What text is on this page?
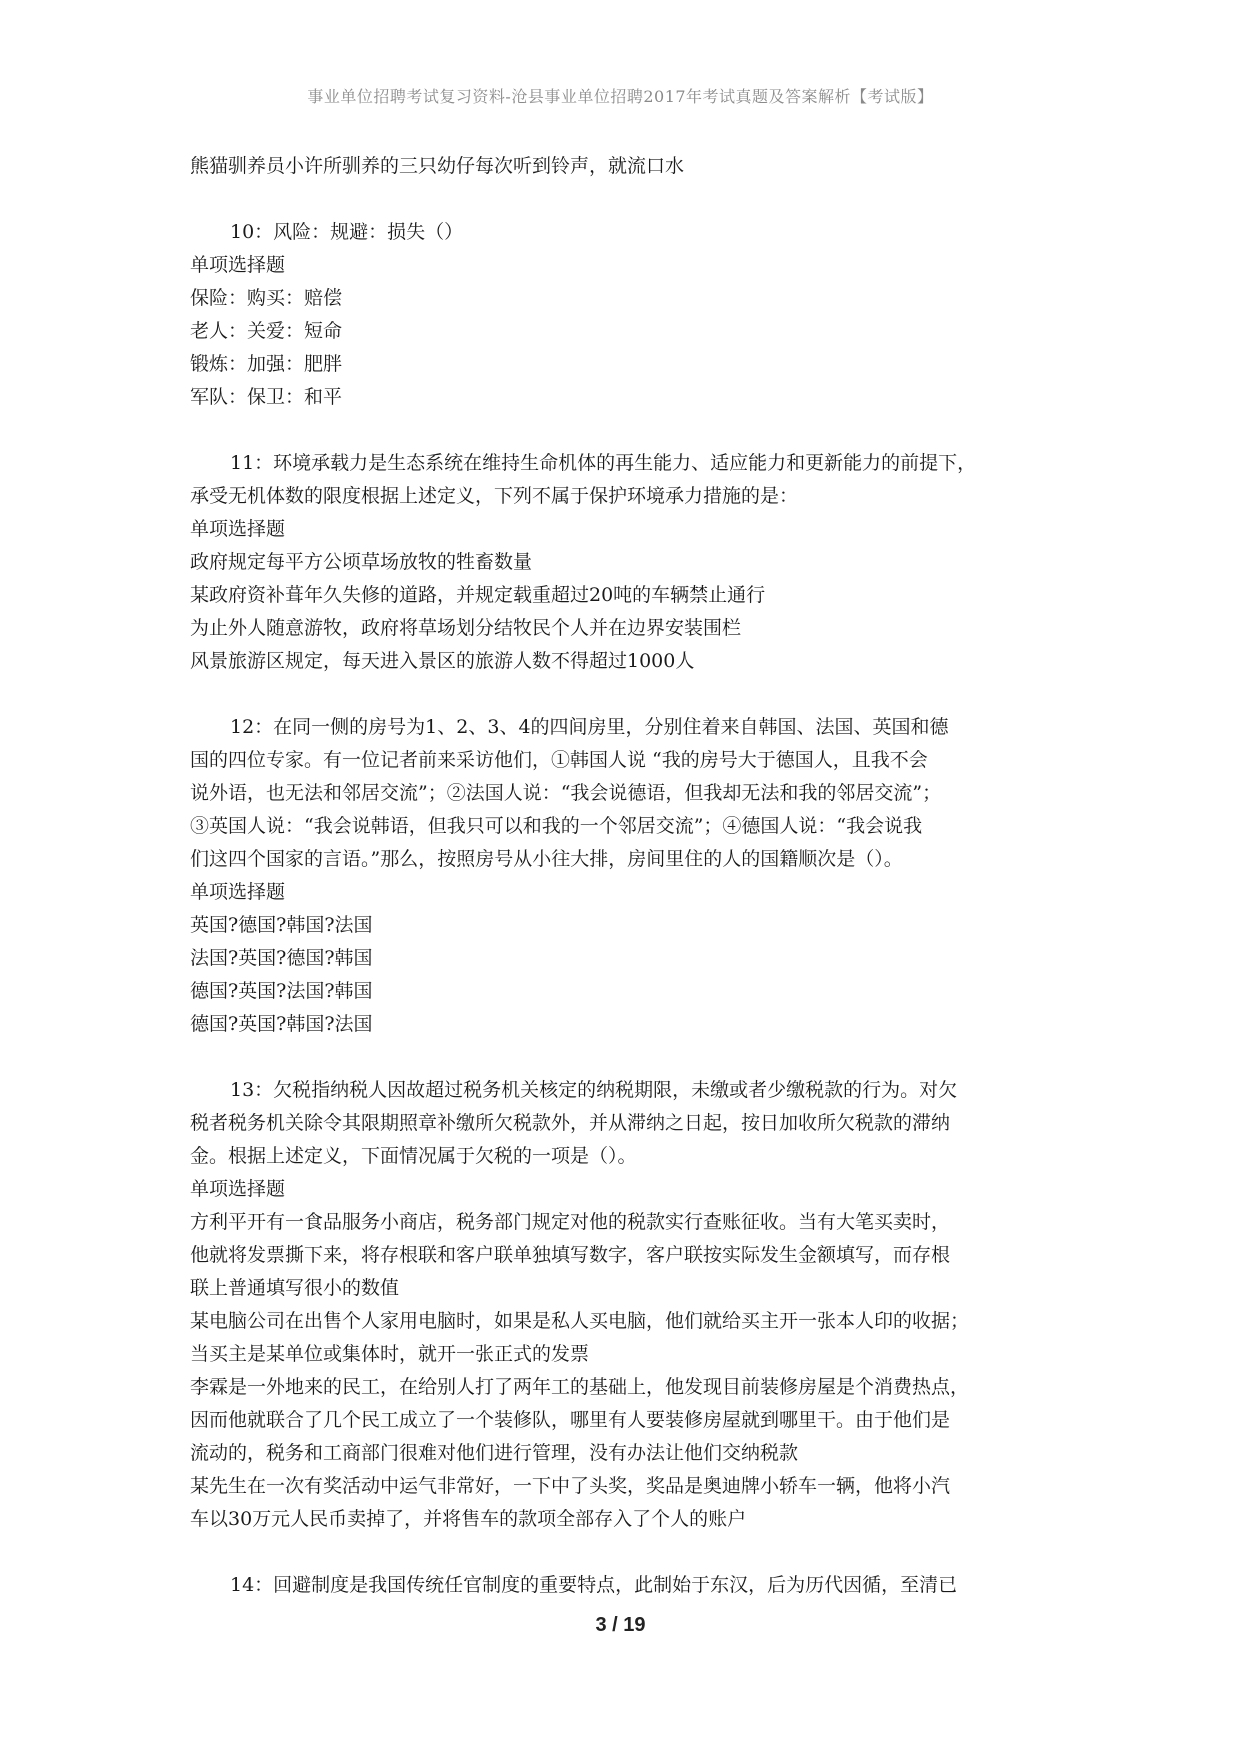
事业单位招聘考试复习资料-沧县事业单位招聘2017年考试真题及答案解析【考试版】
熊猫驯养员小许所驯养的三只幼仔每次听到铃声，就流口水
10：风险：规避：损失（）
单项选择题
保险：购买：赔偿
老人：关爱：短命
锻炼：加强：肥胖
军队：保卫：和平
11：环境承载力是生态系统在维持生命机体的再生能力、适应能力和更新能力的前提下，
承受无机体数的限度根据上述定义，下列不属于保护环境承力措施的是：
单项选择题
政府规定每平方公顷草场放牧的牲畜数量
某政府资补葺年久失修的道路，并规定载重超过20吨的车辆禁止通行
为止外人随意游牧，政府将草场划分结牧民个人并在边界安装围栏
风景旅游区规定，每天进入景区的旅游人数不得超过1000人
12：在同一侧的房号为1、2、3、4的四间房里，分别住着来自韩国、法国、英国和德
国的四位专家。有一位记者前来采访他们，①韩国人说 “我的房号大于德国人，且我不会
说外语，也无法和邻居交流”；②法国人说：“我会说德语，但我却无法和我的邻居交流”；
③英国人说：“我会说韩语，但我只可以和我的一个邻居交流”；④德国人说：“我会说我
们这四个国家的言语。”那么，按照房号从小往大排，房间里住的人的国籍顺次是（）。
单项选择题
英国?德国?韩国?法国
法国?英国?德国?韩国
德国?英国?法国?韩国
德国?英国?韩国?法国
13：欠税指纳税人因故超过税务机关核定的纳税期限，未缴或者少缴税款的行为。对欠
税者税务机关除令其限期照章补缴所欠税款外，并从滞纳之日起，按日加收所欠税款的滞纳
金。根据上述定义，下面情况属于欠税的一项是（）。
单项选择题
方利平开有一食品服务小商店，税务部门规定对他的税款实行查账征收。当有大笔买卖时，
他就将发票撕下来，将存根联和客户联单独填写数字，客户联按实际发生金额填写，而存根
联上普通填写很小的数值
某电脑公司在出售个人家用电脑时，如果是私人买电脑，他们就给买主开一张本人印的收据；
当买主是某单位或集体时，就开一张正式的发票
李霖是一外地来的民工，在给别人打了两年工的基础上，他发现目前装修房屋是个消费热点，
因而他就联合了几个民工成立了一个装修队，哪里有人要装修房屋就到哪里干。由于他们是
流动的，税务和工商部门很难对他们进行管理，没有办法让他们交纳税款
某先生在一次有奖活动中运气非常好，一下中了头奖，奖品是奥迪牌小轿车一辆，他将小汽
车以30万元人民币卖掉了，并将售车的款项全部存入了个人的账户
14：回避制度是我国传统任官制度的重要特点，此制始于东汉，后为历代因循，至清已
3 / 19
